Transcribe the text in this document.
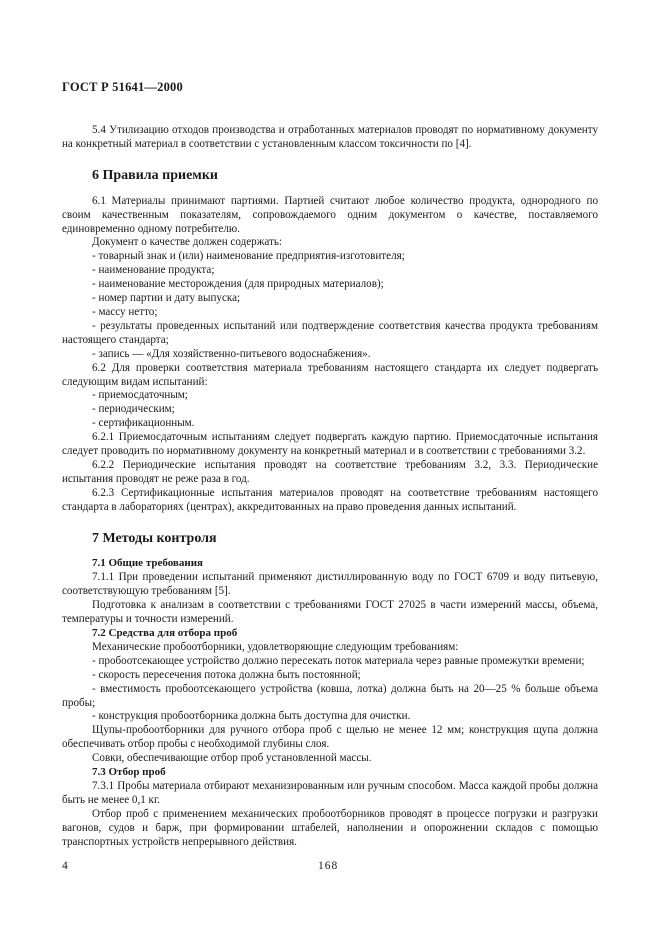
ГОСТ Р 51641—2000

5.4 Утилизацию отходов производства и отработанных материалов проводят по нормативному документу на конкретный материал в соответствии с установленным классом токсичности по [4].

6 Правила приемки

6.1 Материалы принимают партиями. Партией считают любое количество продукта, однородного по своим качественным показателям, сопровождаемого одним документом о качестве, поставляемого единовременно одному потребителю.

Документ о качестве должен содержать:

- товарный знак и (или) наименование предприятия-изготовителя;

- наименование продукта;

- наименование месторождения (для природных материалов);

- номер партии и дату выпуска;

- массу нетто;

- результаты проведенных испытаний или подтверждение соответствия качества продукта требованиям настоящего стандарта;

- запись — «Для хозяйственно-питьевого водоснабжения».

6.2 Для проверки соответствия материала требованиям настоящего стандарта их следует подвергать следующим видам испытаний:

- приемосдаточным;

- периодическим;

- сертификационным.

6.2.1 Приемосдаточным испытаниям следует подвергать каждую партию. Приемосдаточные испытания следует проводить по нормативному документу на конкретный материал и в соответствии с требованиями 3.2.

6.2.2 Периодические испытания проводят на соответствие требованиям 3.2, 3.3. Периодические испытания проводят не реже раза в год.

6.2.3 Сертификационные испытания материалов проводят на соответствие требованиям настоящего стандарта в лабораториях (центрах), аккредитованных на право проведения данных испытаний.

7 Методы контроля
7.1 Общие требования

7.1.1 При проведении испытаний применяют дистиллированную воду по ГОСТ 6709 и воду питьевую, соответствующую требованиям [5].

Подготовка к анализам в соответствии с требованиями ГОСТ 27025 в части измерений массы, объема, температуры и точности измерений.

7.2 Средства для отбора проб

Механические пробоотборники, удовлетворяющие следующим требованиям:

- пробоотсекающее устройство должно пересекать поток материала через равные промежутки времени;

- скорость пересечения потока должна быть постоянной;

- вместимость пробоотсекающего устройства (ковша, лотка) должна быть на 20—25 % больше объема пробы;

- конструкция пробоотборника должна быть доступна для очистки.

Щупы-пробоотборники для ручного отбора проб с щелью не менее 12 мм; конструкция щупа должна обеспечивать отбор пробы с необходимой глубины слоя.

Совки, обеспечивающие отбор проб установленной массы.

7.3 Отбор проб

7.3.1 Пробы материала отбирают механизированным или ручным способом. Масса каждой пробы должна быть не менее 0,1 кг.

Отбор проб с применением механических пробоотборников проводят в процессе погрузки и разгрузки вагонов, судов и барж, при формировании штабелей, наполнении и опорожнении складов с помощью транспортных устройств непрерывного действия.

4	168
